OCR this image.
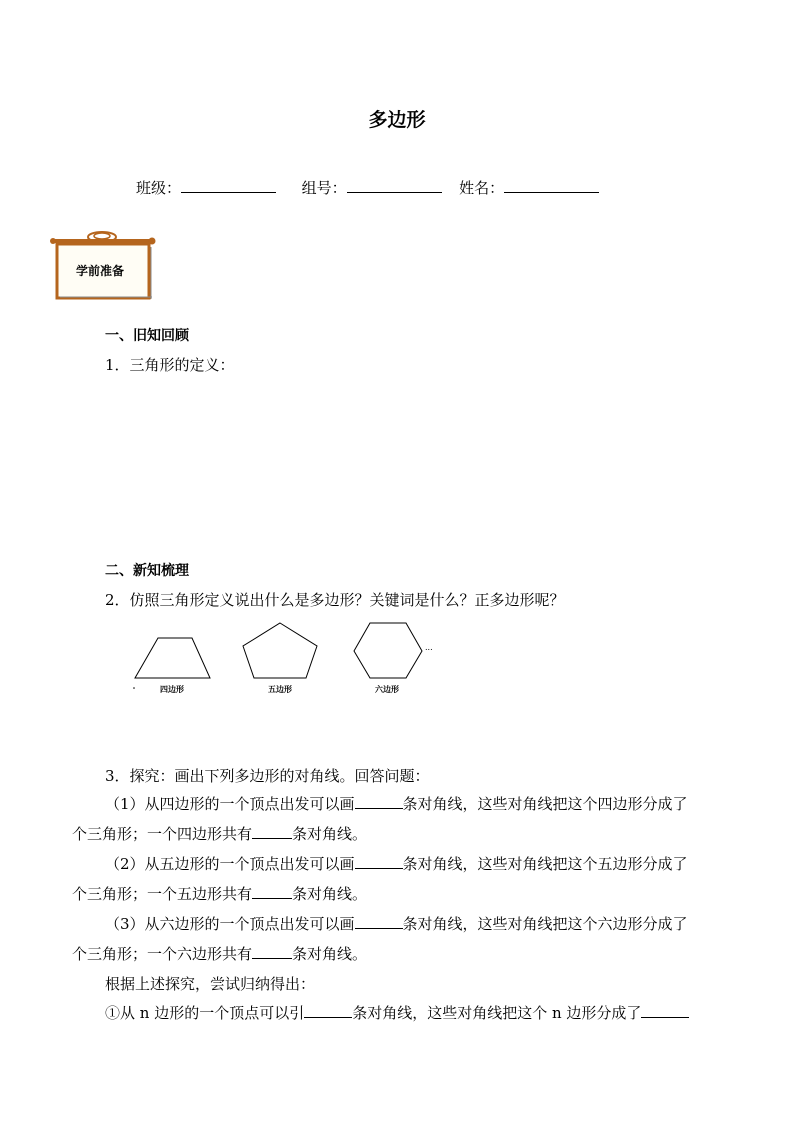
多边形
班级：	组号：	姓名：
学前准备
一、旧知回顾
1．三角形的定义：
二、新知梳理
2．仿照三角形定义说出什么是多边形？关键词是什么？正多边形呢？
四边形	五边形	六边形
...
3．探究：画出下列多边形的对角线。回答问题：
（1）从四边形的一个顶点出发可以画	条对角线，这些对角线把这个四边形分成了
个三角形；一个四边形共有	条对角线。
（2）从五边形的一个顶点出发可以画	条对角线，这些对角线把这个五边形分成了
个三角形；一个五边形共有	条对角线。
（3）从六边形的一个顶点出发可以画	条对角线，这些对角线把这个六边形分成了
个三角形；一个六边形共有	条对角线。
根据上述探究，尝试归纳得出：
①从 n 边形的一个顶点可以引	条对角线，这些对角线把这个 n 边形分成了
